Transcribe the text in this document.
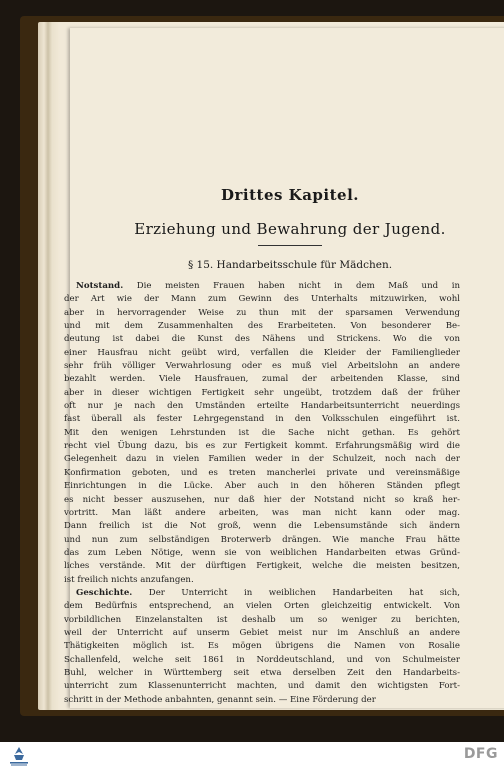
Drittes Kapitel.
Erziehung und Bewahrung der Jugend.
§ 15. Handarbeitsschule für Mädchen.
Notstand. Die meisten Frauen haben nicht in dem Maß und in
der Art wie der Mann zum Gewinn des Unterhalts mitzuwirken, wohl
aber in hervorragender Weise zu thun mit der sparsamen Verwendung
und mit dem Zusammenhalten des Erarbeiteten. Von besonderer Be-
deutung ist dabei die Kunst des Nähens und Strickens. Wo die von
einer Hausfrau nicht geübt wird, verfallen die Kleider der Familienglieder
sehr früh völliger Verwahrlosung oder es muß viel Arbeitslohn an andere
bezahlt werden. Viele Hausfrauen, zumal der arbeitenden Klasse, sind
aber in dieser wichtigen Fertigkeit sehr ungeübt, trotzdem daß der früher
oft nur je nach den Umständen erteilte Handarbeitsunterricht neuerdings
fast überall als fester Lehrgegenstand in den Volksschulen eingeführt ist.
Mit den wenigen Lehrstunden ist die Sache nicht gethan. Es gehört
recht viel Übung dazu, bis es zur Fertigkeit kommt. Erfahrungsmäßig wird die
Gelegenheit dazu in vielen Familien weder in der Schulzeit, noch nach der
Konfirmation geboten, und es treten mancherlei private und vereinsmäßige
Einrichtungen in die Lücke. Aber auch in den höheren Ständen pflegt
es nicht besser auszusehen, nur daß hier der Notstand nicht so kraß her-
vortritt. Man läßt andere arbeiten, was man nicht kann oder mag.
Dann freilich ist die Not groß, wenn die Lebensumstände sich ändern
und nun zum selbständigen Broterwerb drängen. Wie manche Frau hätte
das zum Leben Nötige, wenn sie von weiblichen Handarbeiten etwas Gründ-
liches verstände. Mit der dürftigen Fertigkeit, welche die meisten besitzen,
ist freilich nichts anzufangen.
Geschichte. Der Unterricht in weiblichen Handarbeiten hat sich,
dem Bedürfnis entsprechend, an vielen Orten gleichzeitig entwickelt. Von
vorbildlichen Einzelanstalten ist deshalb um so weniger zu berichten,
weil der Unterricht auf unserm Gebiet meist nur im Anschluß an andere
Thätigkeiten möglich ist. Es mögen übrigens die Namen von Rosalie
Schallenfeld, welche seit 1861 in Norddeutschland, und von Schulmeister
Buhl, welcher in Württemberg seit etwa derselben Zeit den Handarbeits-
unterricht zum Klassenunterricht machten, und damit den wichtigsten Fort-
schritt in der Methode anbahnten, genannt sein. — Eine Förderung der
DFG
